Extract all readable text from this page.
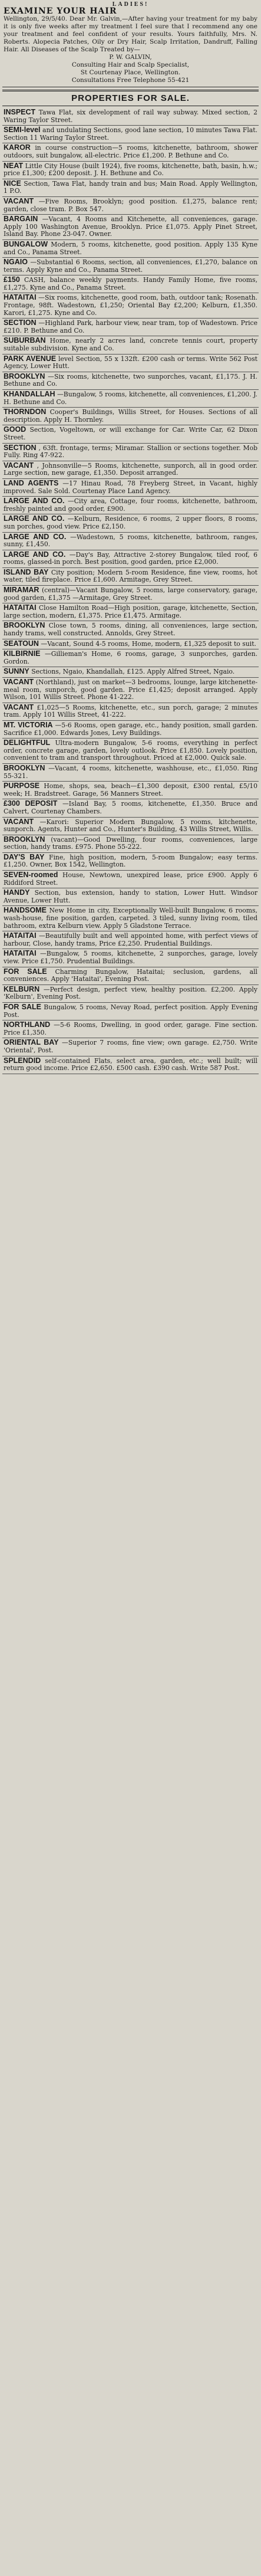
LADIES!
EXAMINE YOUR HAIR
Wellington, 29/5/40. Dear Mr. Galvin,—After having your treatment for my baby it is only five weeks after my treatment I feel sure that I recommend any one your treatment and feel confident of your results. Yours faithfully, Mrs. N. Roberts. Alopecia Patches, Oily or Dry Hair, Scalp Irritation, Dandruff, Falling Hair. All Diseases of the Scalp Treated by—
P. W. GALVIN,
Consulting Hair and Scalp Specialist,
St Courtenay Place, Wellington.
Consultations Free Telephone 55-421
PROPERTIES FOR SALE.
INSPECT Tawa Flat, six development of rail way subway. Mixed section, 2 Waring Taylor Street.
SEMI-level and undulating Sections, good lane section, 10 minutes Tawa Flat. Section 11 Waring Taylor Street.
KAROR in course construction—5 rooms, kitchenette, bathroom, shower outdoors, suit bungalow, all-electric. Price £1,200. P. Bethune and Co.
NEAT Little City House (built 1924), five rooms, kitchenette, bath, basin, h.w.; price £1,300; £200 deposit. J. H. Bethune and Co.
NICE Section, Tawa Flat, handy train and bus; Main Road. Apply Wellington, 1 P.O.
VACANT —Five Rooms, Brooklyn; good position. £1,275, balance rent; garden, close tram. P. Box 547.
BARGAIN —Vacant, 4 Rooms and Kitchenette, all conveniences, garage. Apply 100 Washington Avenue, Brooklyn. Price £1,075. Apply Pinet Street, Island Bay. Phone 23-047. Owner.
BUNGALOW Modern, 5 rooms, kitchenette, good position. Apply 135 Kyne and Co., Panama Street.
NGAIO —Substantial 6 Rooms, section, all conveniences, £1,270, balance on terms. Apply Kyne and Co., Panama Street.
£150 CASH, balance weekly payments. Handy Family Home, five rooms, £1,275. Kyne and Co., Panama Street.
HATAITAI —Six rooms, kitchenette, good room, bath, outdoor tank; Rosenath. Frontage, 98ft. Wadestown, £1,250; Oriental Bay £2,200; Kelburn, £1,350. Karori, £1,275. Kyne and Co.
SECTION —Highland Park, harbour view, near tram, top of Wadestown. Price £210. P. Bethune and Co.
SUBURBAN Home, nearly 2 acres land, concrete tennis court, property suitable subdivision. Kyne and Co.
PARK AVENUE level Section, 55 x 132ft. £200 cash or terms. Write 562 Post Agency, Lower Hutt.
BROOKLYN —Six rooms, kitchenette, two sunporches, vacant, £1,175. J. H. Bethune and Co.
KHANDALLAH —Bungalow, 5 rooms, kitchenette, all conveniences, £1,200. J. H. Bethune and Co.
THORNDON Cooper's Buildings, Willis Street, for Houses. Sections of all description. Apply H. Thornley.
GOOD Section, Vogeltown, or will exchange for Car. Write Car, 62 Dixon Street.
SECTION , 63ft. frontage, terms; Miramar. Stallion or sections together. Mob Fully. Ring 47-922.
VACANT , Johnsonville—5 Rooms, kitchenette, sunporch, all in good order. Large section, new garage, £1,350. Deposit arranged.
LAND AGENTS —17 Hinau Road, 78 Freyberg Street, in Vacant, highly improved. Sale Sold. Courtenay Place Land Agency.
LARGE AND CO. —City area, Cottage, four rooms, kitchenette, bathroom, freshly painted and good order, £900.
LARGE AND CO. —Kelburn, Residence, 6 rooms, 2 upper floors, 8 rooms, sun porches, good view. Price £2,150.
LARGE AND CO. —Wadestown, 5 rooms, kitchenette, bathroom, ranges, sunny, £1,450.
LARGE AND CO. —Day's Bay, Attractive 2-storey Bungalow, tiled roof, 6 rooms, glassed-in porch. Best position, good garden, price £2,000.
ISLAND BAY City position; Modern 5-room Residence, fine view, rooms, hot water, tiled fireplace. Price £1,600. Armitage, Grey Street.
MIRAMAR (central)—Vacant Bungalow, 5 rooms, large conservatory, garage, good garden, £1,375 —Armitage, Grey Street.
HATAITAI Close Hamilton Road—High position, garage, kitchenette, Section, large section, modern, £1,375. Price £1,475. Armitage.
BROOKLYN Close town, 5 rooms, dining, all conveniences, large section, handy trams, well constructed. Annolds, Grey Street.
SEATOUN —Vacant, Sound 4-5 rooms, Home, modern, £1,325 deposit to suit.
KILBIRNIE —Gillieman's Home, 6 rooms, garage, 3 sunporches, garden. Gordon.
SUNNY Sections, Ngaio, Khandallah, £125. Apply Alfred Street, Ngaio.
VACANT (Northland), just on market—3 bedrooms, lounge, large kitchenette-meal room, sunporch, good garden. Price £1,425; deposit arranged. Apply Wilson, 101 Willis Street. Phone 41-222.
VACANT £1,025—5 Rooms, kitchenette, etc., sun porch, garage; 2 minutes tram. Apply 101 Willis Street, 41-222.
MT. VICTORIA —5-6 Rooms, open garage, etc., handy position, small garden. Sacrifice £1,000. Edwards Jones, Levy Buildings.
DELIGHTFUL Ultra-modern Bungalow, 5-6 rooms, everything in perfect order, concrete garage, garden, lovely outlook. Price £1,850. Lovely position, convenient to tram and transport throughout. Priced at £2,000. Quick sale.
BROOKLYN —Vacant, 4 rooms, kitchenette, washhouse, etc., £1,050. Ring 55-321.
PURPOSE Home, shops, sea, beach—£1,300 deposit, £300 rental, £5/10 week; H. Bradstreet. Garage, 56 Manners Street.
£300 DEPOSIT —Island Bay, 5 rooms, kitchenette, £1,350. Bruce and Calvert, Courtenay Chambers.
VACANT —Karori: Superior Modern Bungalow, 5 rooms, kitchenette, sunporch. Agents, Hunter and Co., Hunter's Building, 43 Willis Street, Willis.
BROOKLYN (vacant)—Good Dwelling, four rooms, conveniences, large section, handy trams. £975. Phone 55-222.
DAY'S BAY Fine, high position, modern, 5-room Bungalow; easy terms. £1,250. Owner, Box 1542, Wellington.
SEVEN-roomed House, Newtown, unexpired lease, price £900. Apply 6 Riddiford Street.
HANDY Section, bus extension, handy to station, Lower Hutt. Windsor Avenue, Lower Hutt.
HANDSOME New Home in city, Exceptionally Well-built Bungalow, 6 rooms, wash-house, fine position, garden, carpeted. 3 tiled, sunny living room, tiled bathroom, extra Kelburn view. Apply 5 Gladstone Terrace.
HATAITAI —Beautifully built and well appointed home, with perfect views of harbour, Close, handy trams, Price £2,250. Prudential Buildings.
HATAITAI —Bungalow, 5 rooms, kitchenette, 2 sunporches, garage, lovely view. Price £1,750. Prudential Buildings.
FOR SALE Charming Bungalow, Hataitai; seclusion, gardens, all conveniences. Apply 'Hataitai', Evening Post.
KELBURN —Perfect design, perfect view, healthy position. £2,200. Apply 'Kelburn', Evening Post.
FOR SALE Bungalow, 5 rooms, Nevay Road, perfect position. Apply Evening Post.
NORTHLAND —5-6 Rooms, Dwelling, in good order, garage. Fine section. Price £1,350.
ORIENTAL BAY —Superior 7 rooms, fine view; own garage. £2,750. Write 'Oriental', Post.
SPLENDID self-contained Flats, select area, garden, etc.; well built; will return good income. Price £2,650. £500 cash. £390 cash. Write 587 Post.
